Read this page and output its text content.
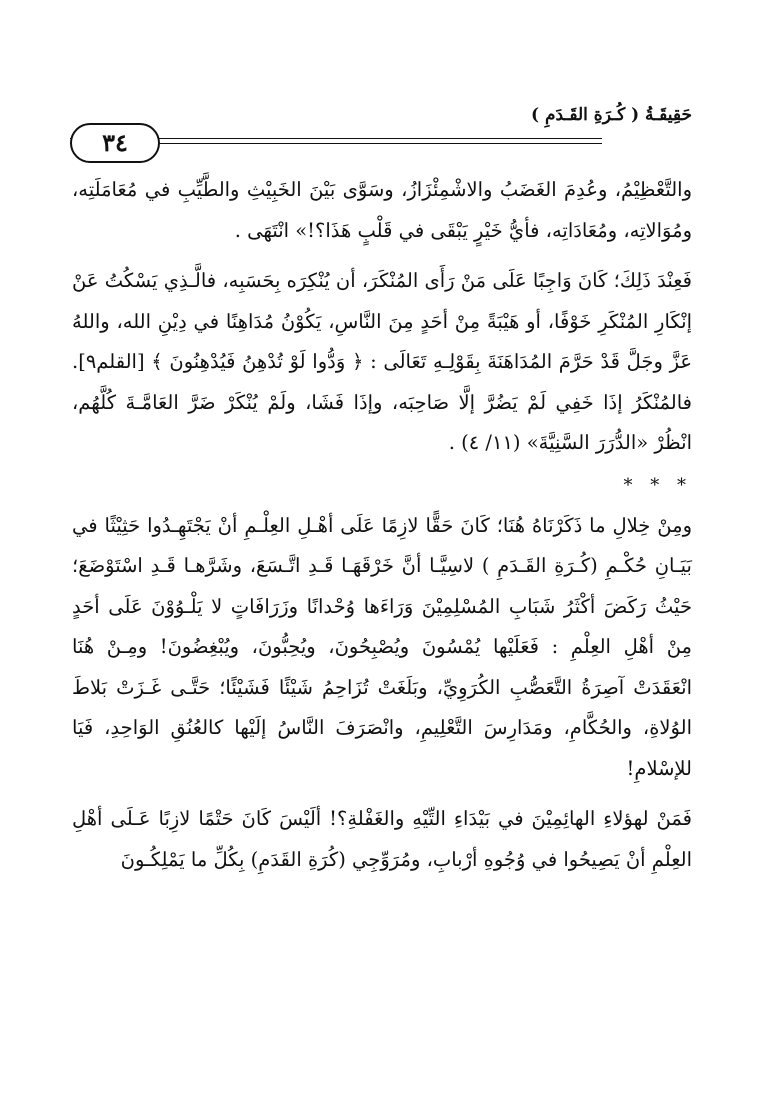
حَقِيقَـةُ ( كُـرَةِ القَـدَمِ )
٣٤

والتَّعْظِيْمُ، وعُدِمَ الغَضَبُ والاشْمِئْزَازُ، وسَوَّى بَيْنَ الخَبِيْثِ والطَّيِّبِ في مُعَامَلَتِه، ومُوَالاتِه، ومُعَادَاتِه، فأيُّ خَيْرٍ يَبْقَى في قَلْبٍ هَذَا؟!» انْتَهَى .

فَعِنْدَ ذَلِكَ؛ كَانَ وَاجِبًا عَلَى مَنْ رَأَى المُنْكَرَ، أن يُنْكِرَه بِحَسَبِه، فالَّـذِي يَسْكُتُ عَنْ إنْكَارِ المُنْكَرِ خَوْفًا، أو هَيْبَةً مِنْ أحَدٍ مِنَ النَّاسِ، يَكُوْنُ مُدَاهِنًا في دِيْنِ الله، واللهُ عَزَّ وجَلَّ قَدْ حَرَّمَ المُدَاهَنَةَ بِقَوْلِـهِ تَعَالَى : ﴿ وَدُّوا لَوْ تُدْهِنُ فَيُدْهِنُونَ ﴾ [القلم٩]. فالمُنْكَرُ إذَا خَفِي لَمْ يَضُرَّ إلَّا صَاحِبَه، وإذَا فَشَا، ولَمْ يُنْكَرْ ضَرَّ العَامَّـةَ كُلَّهُم، انْظُرْ «الدُّرَرَ السَّنِيَّةَ» (١١/ ٤) .

* * *

ومِنْ خِلالِ ما ذَكَرْنَاهُ هُنَا؛ كَانَ حَقًّا لازِمًا عَلَى أهْـلِ العِلْـمِ أنْ يَجْتَهِـدُوا حَثِيْثًا في بَيَـانِ حُكْـمِ (كُـرَةِ القَـدَمِ ) لاسِيَّـا أنَّ خَرْقَهَـا قَـدِ اتَّـسَعَ، وشَرَّهـا قَـدِ اسْتَوْضَعَ؛ حَيْثُ رَكَضَ أكْثَرُ شَبَابِ المُسْلِمِيْنَ وَرَاءَها وُحْدانًا وزَرَافَاتٍ لا يَلْـوُوْنَ عَلَى أحَدٍ مِنْ أهْلِ العِلْمِ : فَعَلَيْها يُمْسُونَ ويُصْبِحُونَ، ويُحِبُّونَ، ويُبْغِضُونَ! ومِـنْ هُنَا انْعَقَدَتْ آصِرَةُ التَّعَصُّبِ الكُرَوِيِّ، وبَلَغَتْ تُزَاحِمُ شَيْئًا فَشَيْئًا؛ حَتَّـى غَـزَتْ بَلاطَ الوُلاةِ، والحُكَّامِ، ومَدَارِسَ التَّعْلِيمِ، وانْصَرَفَ النَّاسُ إلَيْها كالعُنُقِ الوَاحِدِ، فَيَا للإسْلامِ!

فَمَنْ لهؤلاءِ الهائِمِيْنَ في بَيْدَاءِ التِّيْهِ والغَفْلةِ؟! ألَيْسَ كَانَ حَتْمًا لازِبًا عَـلَى أهْلِ العِلْمِ أنْ يَصِيحُوا في وُجُوهِ أرْبابِ، ومُرَوِّجِي (كُرَةِ القَدَمِ) بِكُلِّ ما يَمْلِكُـونَ
